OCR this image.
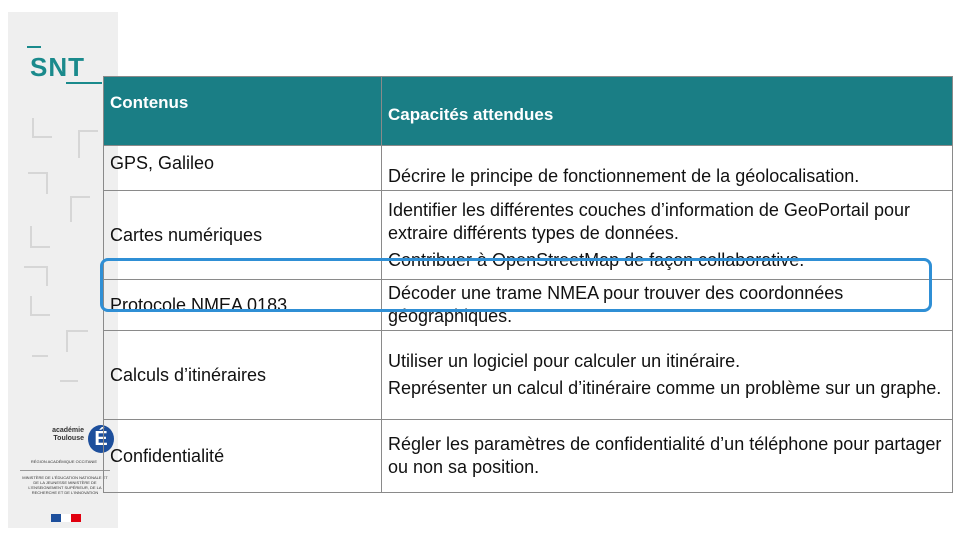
SNT
académie Toulouse É
RÉGION ACADÉMIQUE OCCITANIE
MINISTÈRE DE L'ÉDUCATION NATIONALE ET DE LA JEUNESSE MINISTÈRE DE L'ENSEIGNEMENT SUPÉRIEUR, DE LA RECHERCHE ET DE L'INNOVATION
Contenus	Capacités attendues
GPS, Galileo	Décrire le principe de fonctionnement de la géolocalisation.

Cartes numériques	Identifier les différentes couches d’information de GeoPortail pour extraire différents types de données.
Contribuer à OpenStreetMap de façon collaborative.

Protocole NMEA 0183	Décoder une trame NMEA pour trouver des coordonnées géographiques.

Calculs d’itinéraires	Utiliser un logiciel pour calculer un itinéraire.
Représenter un calcul d’itinéraire comme un problème sur un graphe.

Confidentialité	Régler les paramètres de confidentialité d’un téléphone pour partager ou non sa position.
